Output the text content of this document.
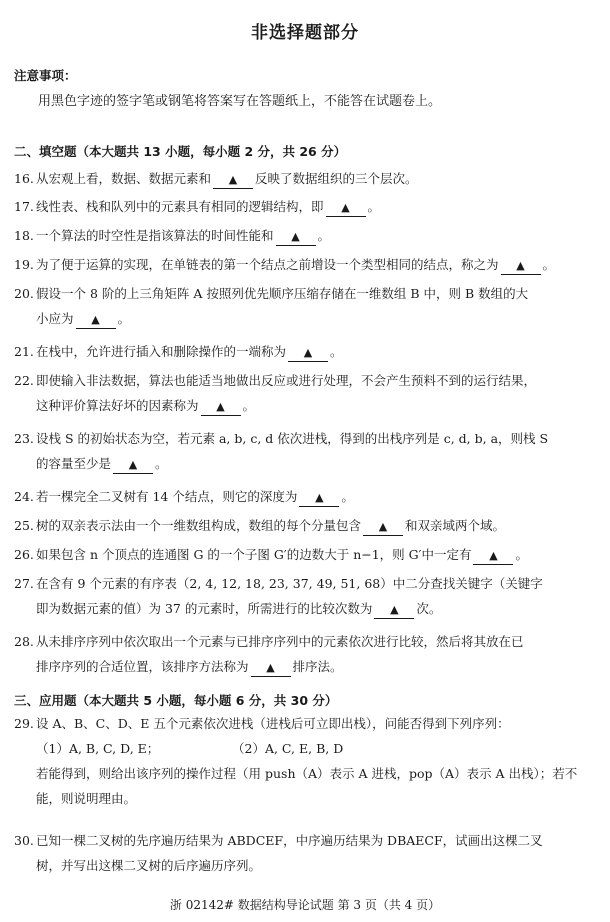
非选择题部分
注意事项：
用黑色字迹的签字笔或钢笔将答案写在答题纸上，不能答在试题卷上。
二、填空题（本大题共 13 小题，每小题 2 分，共 26 分）
16. 从宏观上看，数据、数据元素和 ▲ 反映了数据组织的三个层次。
17. 线性表、栈和队列中的元素具有相同的逻辑结构，即 ▲ 。
18. 一个算法的时空性是指该算法的时间性能和 ▲ 。
19. 为了便于运算的实现，在单链表的第一个结点之前增设一个类型相同的结点，称之为 ▲ 。
20. 假设一个 8 阶的上三角矩阵 A 按照列优先顺序压缩存储在一维数组 B 中，则 B 数组的大
小应为 ▲ 。
21. 在栈中，允许进行插入和删除操作的一端称为 ▲ 。
22. 即使输入非法数据，算法也能适当地做出反应或进行处理，不会产生预料不到的运行结果，
这种评价算法好坏的因素称为 ▲ 。
23. 设栈 S 的初始状态为空，若元素 a, b, c, d 依次进栈，得到的出栈序列是 c, d, b, a，则栈 S
的容量至少是 ▲ 。
24. 若一棵完全二叉树有 14 个结点，则它的深度为 ▲ 。
25. 树的双亲表示法由一个一维数组构成，数组的每个分量包含 ▲ 和双亲域两个域。
26. 如果包含 n 个顶点的连通图 G 的一个子图 G′的边数大于 n−1，则 G′中一定有 ▲ 。
27. 在含有 9 个元素的有序表（2, 4, 12, 18, 23, 37, 49, 51, 68）中二分查找关键字（关键字
即为数据元素的值）为 37 的元素时，所需进行的比较次数为 ▲ 次。
28. 从未排序序列中依次取出一个元素与已排序序列中的元素依次进行比较，然后将其放在已
排序序列的合适位置，该排序方法称为 ▲ 排序法。
三、应用题（本大题共 5 小题，每小题 6 分，共 30 分）
29. 设 A、B、C、D、E 五个元素依次进栈（进栈后可立即出栈），问能否得到下列序列：
（1）A, B, C, D, E；	（2）A, C, E, B, D
若能得到，则给出该序列的操作过程（用 push（A）表示 A 进栈，pop（A）表示 A 出栈）；若不
能，则说明理由。
30. 已知一棵二叉树的先序遍历结果为 ABDCEF，中序遍历结果为 DBAECF，试画出这棵二叉
树，并写出这棵二叉树的后序遍历序列。
浙 02142# 数据结构导论试题 第 3 页（共 4 页）
